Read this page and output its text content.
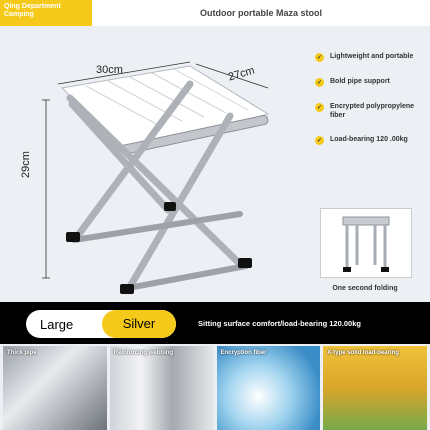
Qing Department Camping	Outdoor portable Maza stool
30cm	27cm
29cm
✓ Lightweight and portable
✓ Bold pipe support
✓ Encrypted polypropylene fiber
✓ Load-bearing 120 .00kg
One second folding
Large	Silver	Sitting surface comfort/load-bearing 120.00kg
Thick pipe	Reinforcing webbing	Encryption fiber	X-type solid load-bearing
